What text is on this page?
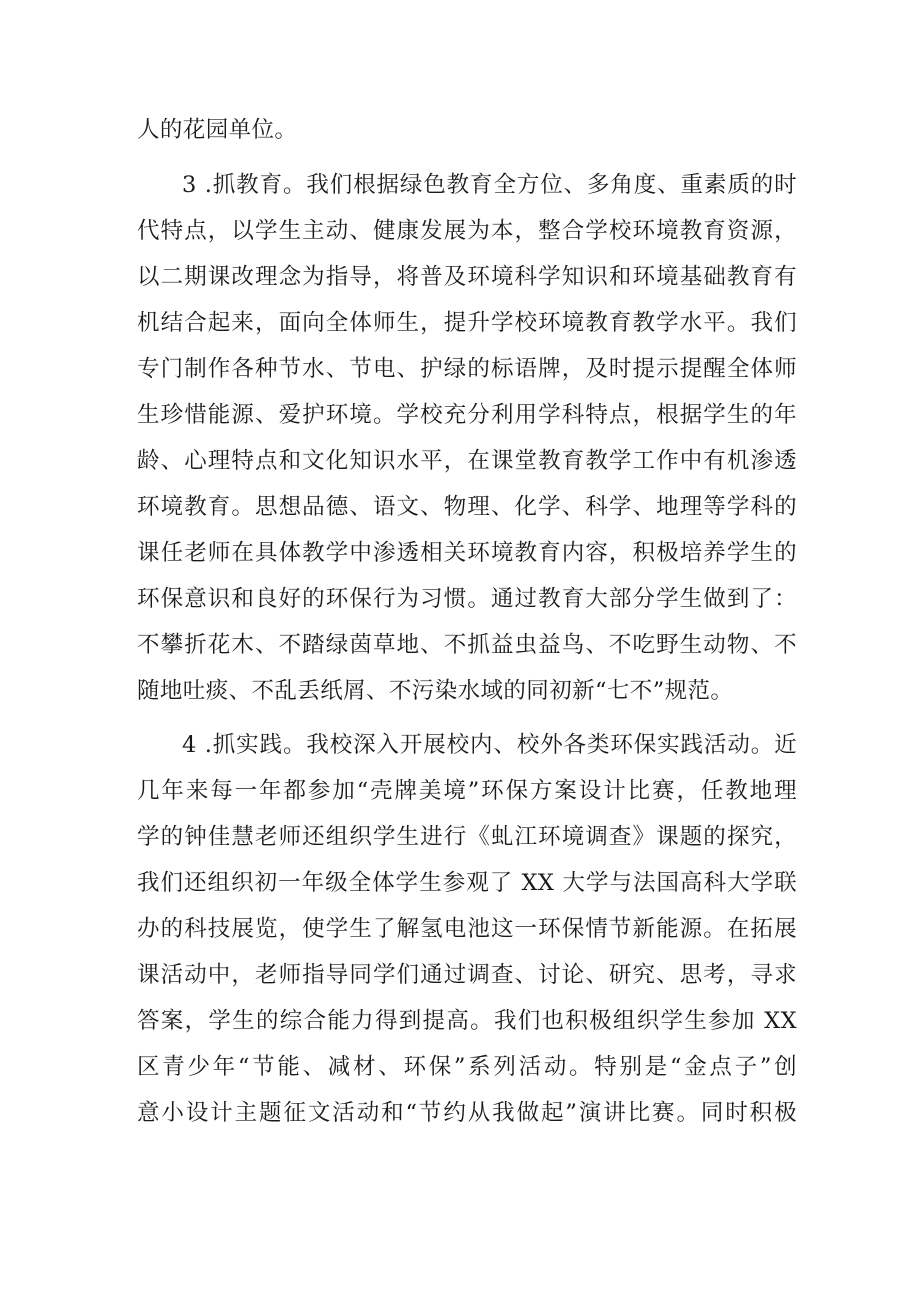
人的花园单位。
3 .抓教育。我们根据绿色教育全方位、多角度、重素质的时
代特点，以学生主动、健康发展为本，整合学校环境教育资源，
以二期课改理念为指导，将普及环境科学知识和环境基础教育有
机结合起来，面向全体师生，提升学校环境教育教学水平。我们
专门制作各种节水、节电、护绿的标语牌，及时提示提醒全体师
生珍惜能源、爱护环境。学校充分利用学科特点，根据学生的年
龄、心理特点和文化知识水平，在课堂教育教学工作中有机渗透
环境教育。思想品德、语文、物理、化学、科学、地理等学科的
课任老师在具体教学中渗透相关环境教育内容，积极培养学生的
环保意识和良好的环保行为习惯。通过教育大部分学生做到了：
不攀折花木、不踏绿茵草地、不抓益虫益鸟、不吃野生动物、不
随地吐痰、不乱丢纸屑、不污染水域的同初新“七不”规范。
4 .抓实践。我校深入开展校内、校外各类环保实践活动。近
几年来每一年都参加“壳牌美境”环保方案设计比赛，任教地理
学的钟佳慧老师还组织学生进行《虬江环境调查》课题的探究，
我们还组织初一年级全体学生参观了 XX 大学与法国高科大学联
办的科技展览，使学生了解氢电池这一环保情节新能源。在拓展
课活动中，老师指导同学们通过调查、讨论、研究、思考，寻求
答案，学生的综合能力得到提高。我们也积极组织学生参加 XX
区青少年“节能、减材、环保”系列活动。特别是“金点子”创
意小设计主题征文活动和“节约从我做起”演讲比赛。同时积极
